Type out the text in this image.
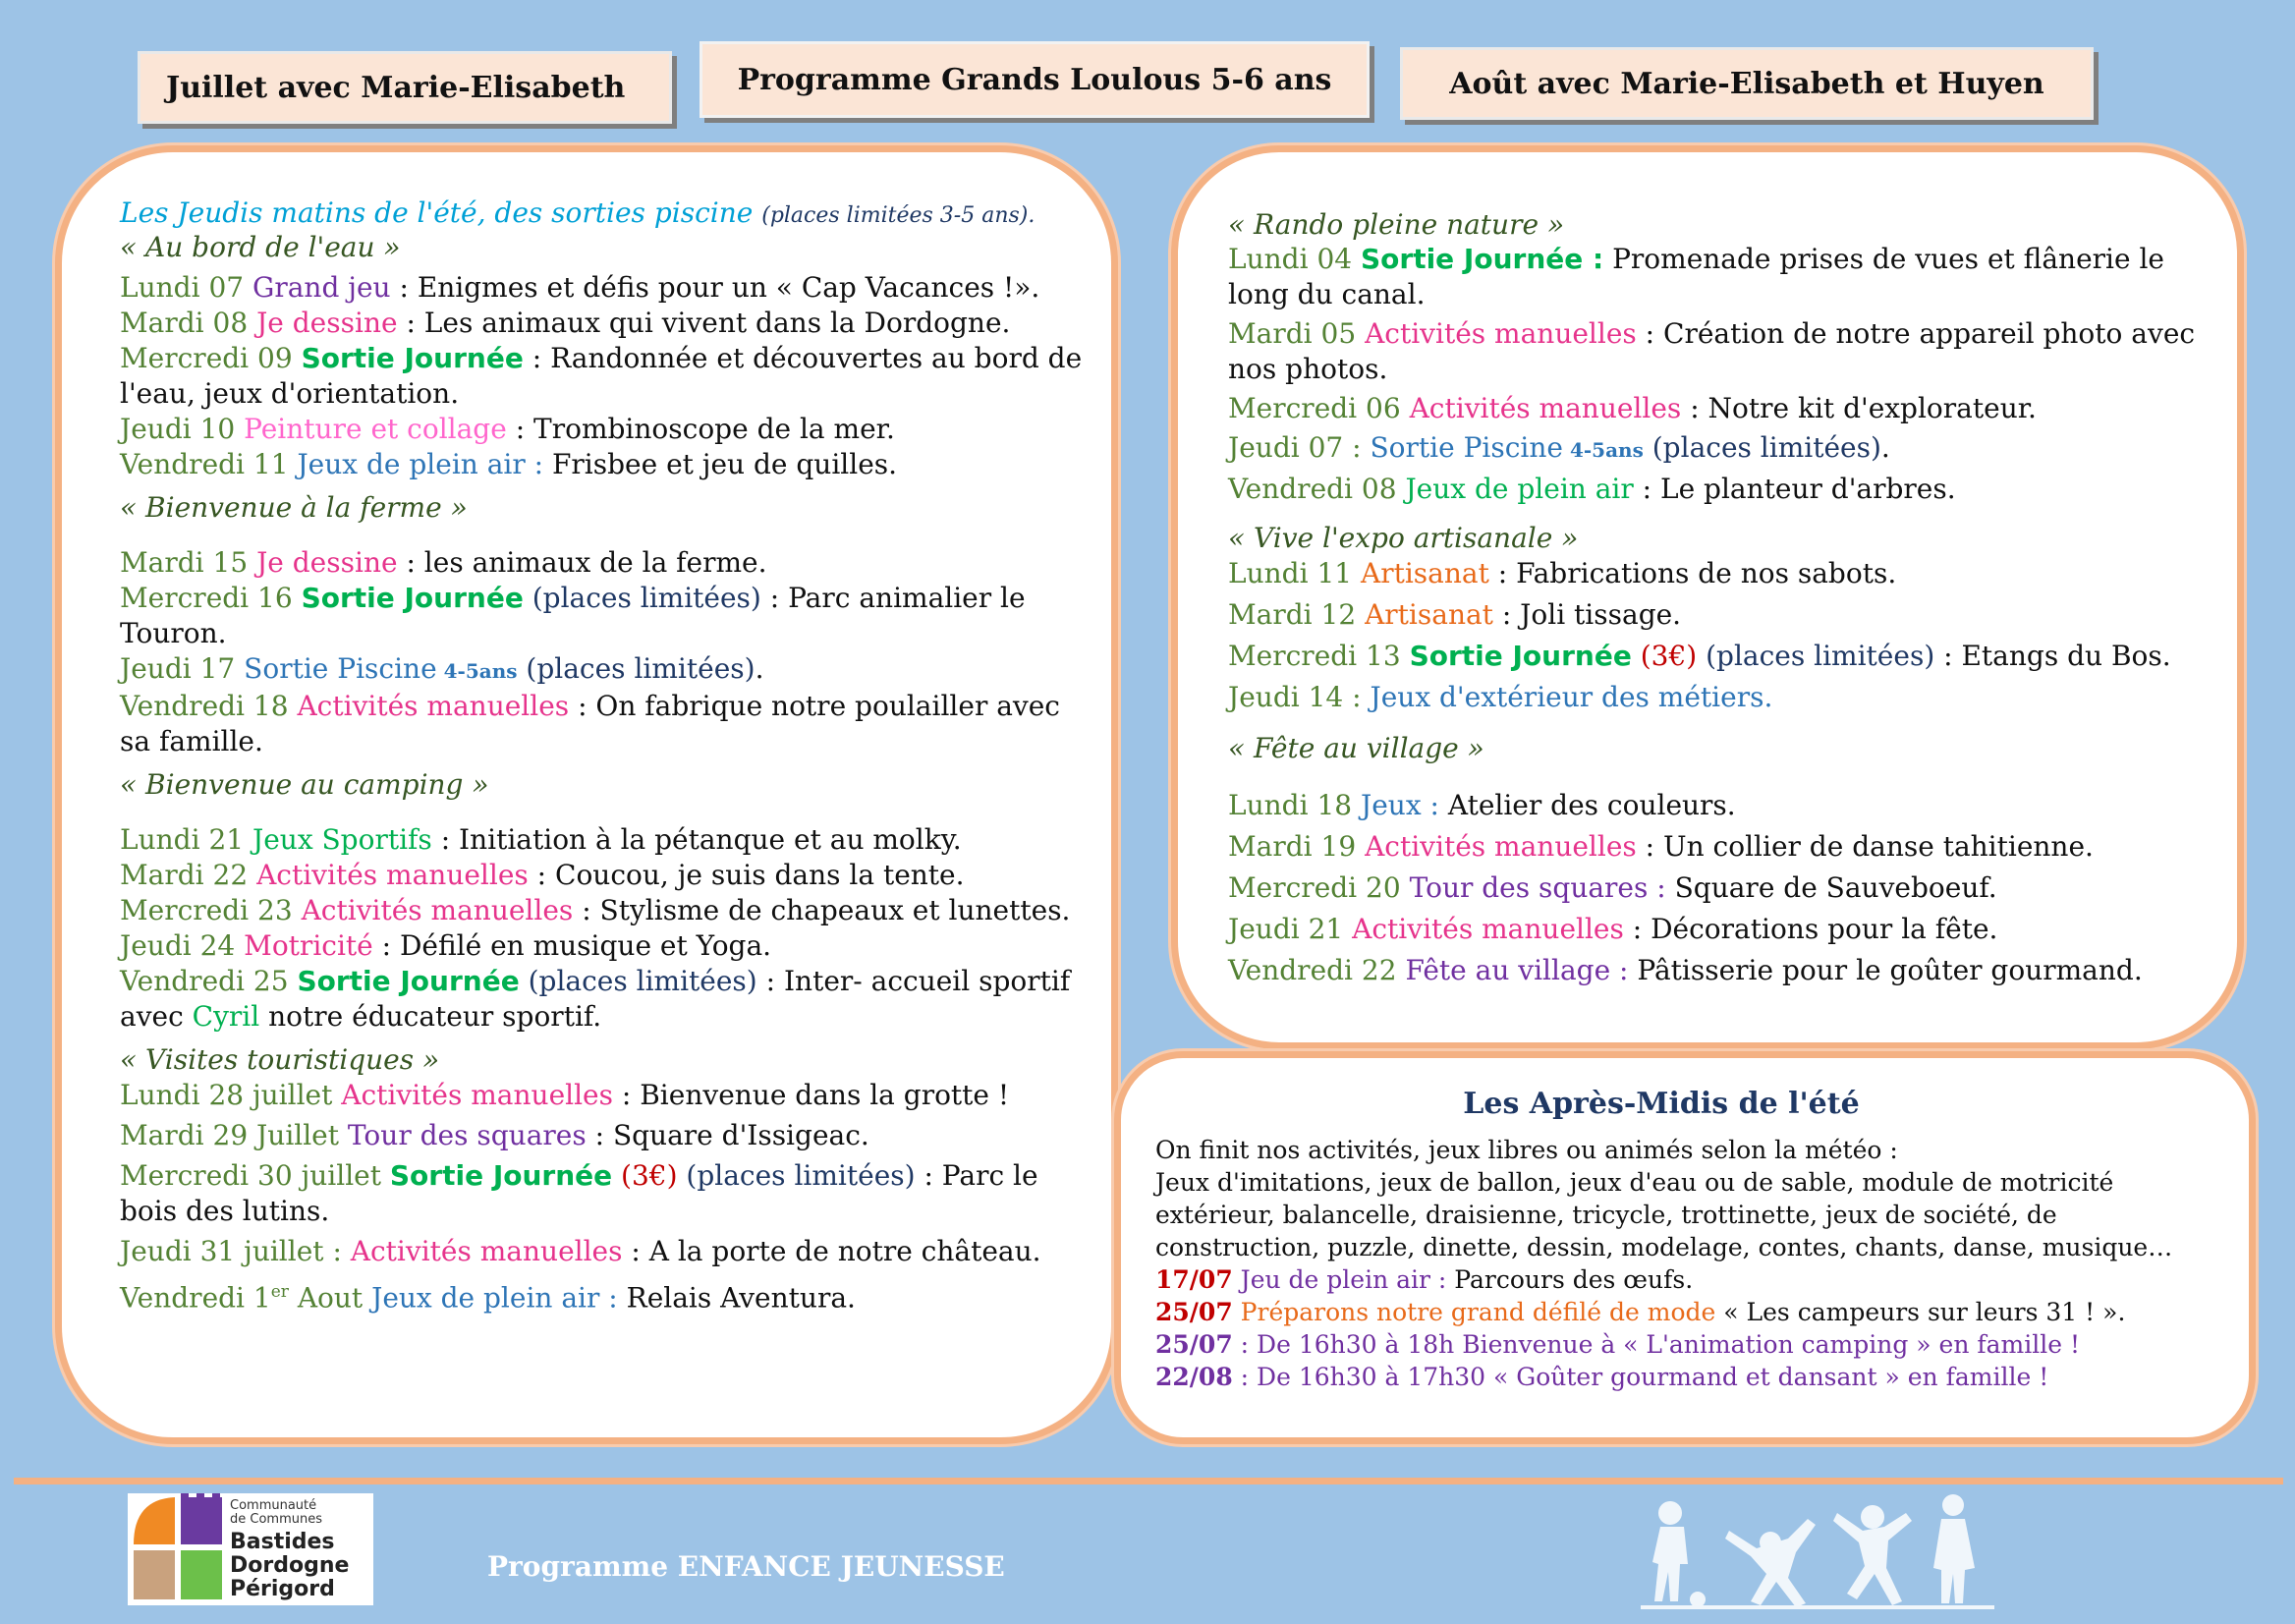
Juillet avec Marie-Elisabeth	Programme Grands Loulous 5-6 ans	Août avec Marie-Elisabeth et Huyen
Les Jeudis matins de l'été, des sorties piscine (places limitées 3-5 ans).
« Au bord de l'eau »
Lundi 07 Grand jeu : Enigmes et défis pour un « Cap Vacances !».
Mardi 08 Je dessine : Les animaux qui vivent dans la Dordogne.
Mercredi 09 Sortie Journée : Randonnée et découvertes au bord de
l'eau, jeux d'orientation.
Jeudi 10 Peinture et collage : Trombinoscope de la mer.
Vendredi 11 Jeux de plein air : Frisbee et jeu de quilles.
« Bienvenue à la ferme »
Mardi 15 Je dessine : les animaux de la ferme.
Mercredi 16 Sortie Journée (places limitées) : Parc animalier le
Touron.
Jeudi 17 Sortie Piscine 4-5ans (places limitées).
Vendredi 18 Activités manuelles : On fabrique notre poulailler avec
sa famille.
« Bienvenue au camping »
Lundi 21 Jeux Sportifs : Initiation à la pétanque et au molky.
Mardi 22 Activités manuelles : Coucou, je suis dans la tente.
Mercredi 23 Activités manuelles : Stylisme de chapeaux et lunettes.
Jeudi 24 Motricité : Défilé en musique et Yoga.
Vendredi 25 Sortie Journée (places limitées) : Inter- accueil sportif
avec Cyril notre éducateur sportif.
« Visites touristiques »
Lundi 28 juillet Activités manuelles : Bienvenue dans la grotte !
Mardi 29 Juillet Tour des squares : Square d'Issigeac.
Mercredi 30 juillet Sortie Journée (3€) (places limitées) : Parc le
bois des lutins.
Jeudi 31 juillet : Activités manuelles : A la porte de notre château.
Vendredi 1er Aout Jeux de plein air : Relais Aventura.
« Rando pleine nature »
Lundi 04 Sortie Journée : Promenade prises de vues et flânerie le
long du canal.
Mardi 05 Activités manuelles : Création de notre appareil photo avec
nos photos.
Mercredi 06 Activités manuelles : Notre kit d'explorateur.
Jeudi 07 : Sortie Piscine 4-5ans (places limitées).
Vendredi 08 Jeux de plein air : Le planteur d'arbres.
« Vive l'expo artisanale »
Lundi 11 Artisanat : Fabrications de nos sabots.
Mardi 12 Artisanat : Joli tissage.
Mercredi 13 Sortie Journée (3€) (places limitées) : Etangs du Bos.
Jeudi 14 : Jeux d'extérieur des métiers.
« Fête au village »
Lundi 18 Jeux : Atelier des couleurs.
Mardi 19 Activités manuelles : Un collier de danse tahitienne.
Mercredi 20 Tour des squares : Square de Sauveboeuf.
Jeudi 21 Activités manuelles : Décorations pour la fête.
Vendredi 22 Fête au village : Pâtisserie pour le goûter gourmand.
Les Après-Midis de l'été
On finit nos activités, jeux libres ou animés selon la météo :
Jeux d'imitations, jeux de ballon, jeux d'eau ou de sable, module de motricité
extérieur, balancelle, draisienne, tricycle, trottinette, jeux de société, de
construction, puzzle, dinette, dessin, modelage, contes, chants, danse, musique…
17/07 Jeu de plein air : Parcours des œufs.
25/07 Préparons notre grand défilé de mode « Les campeurs sur leurs 31 ! ».
25/07 : De 16h30 à 18h Bienvenue à « L'animation camping » en famille !
22/08 : De 16h30 à 17h30 « Goûter gourmand et dansant » en famille !
Communauté
de Communes
Bastides
Dordogne
Périgord
Programme ENFANCE JEUNESSE
